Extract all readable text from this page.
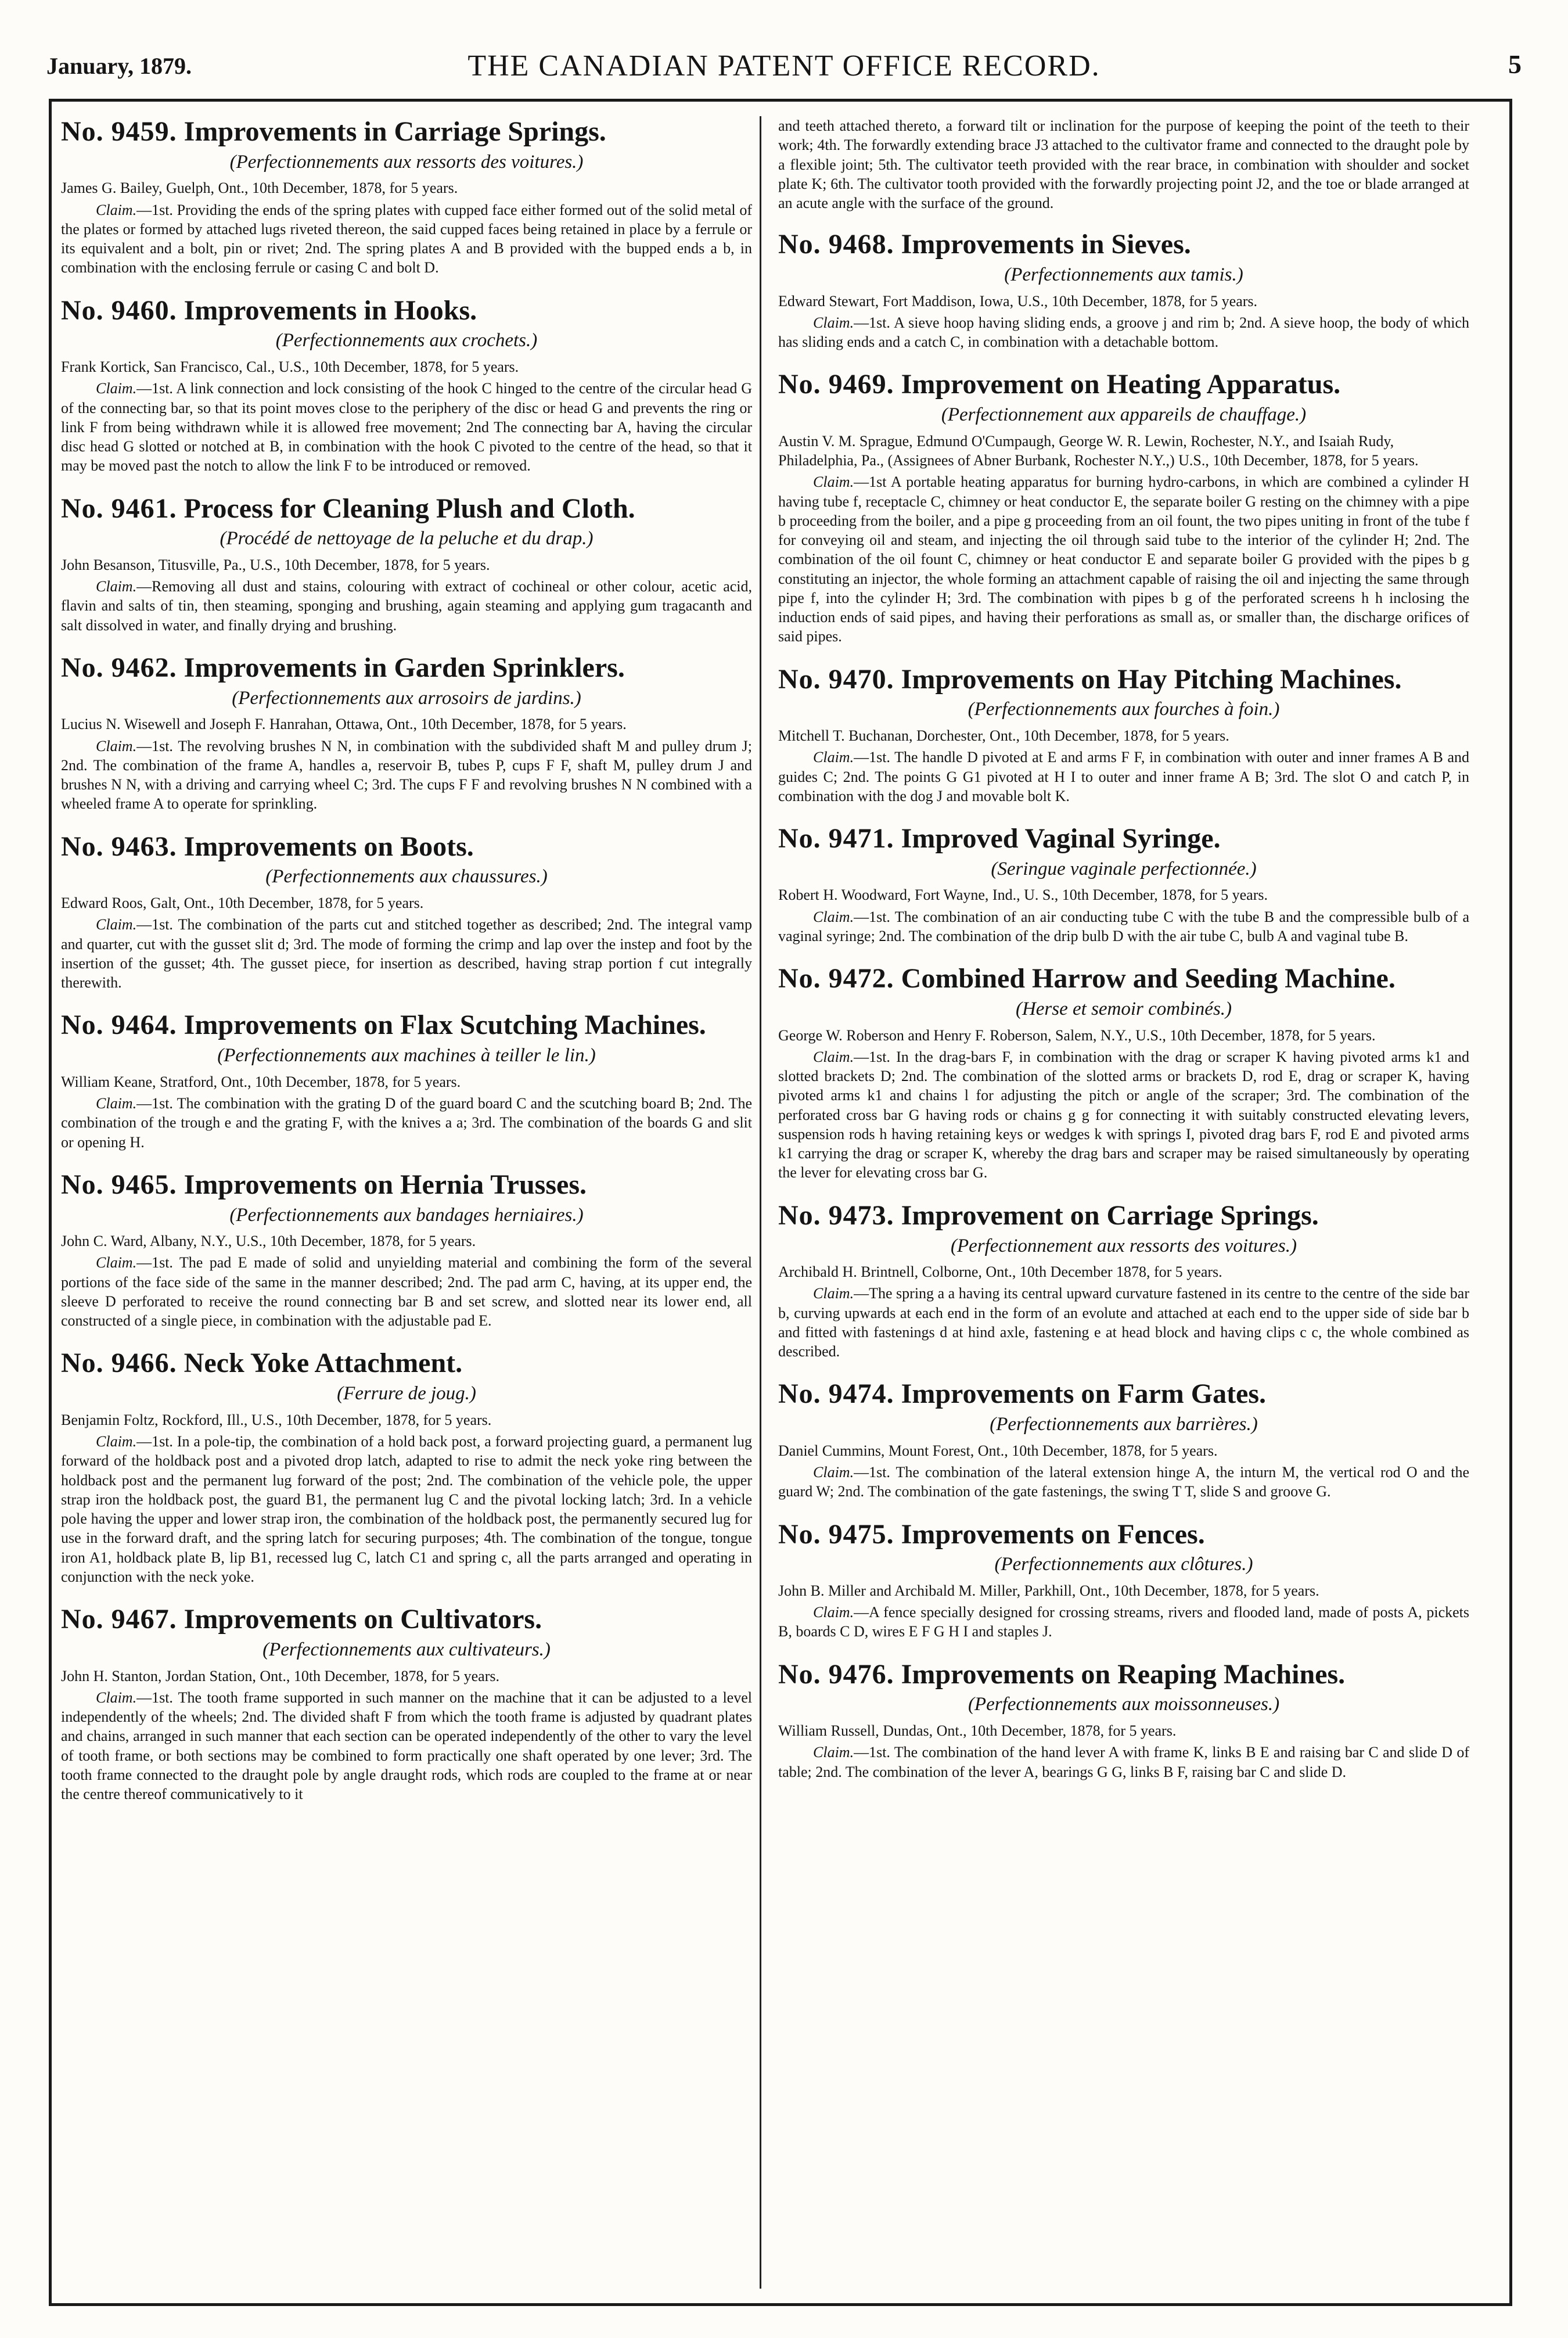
January, 1879.	THE CANADIAN PATENT OFFICE RECORD.	5
No. 9459. Improvements in Carriage Springs.
(Perfectionnements aux ressorts des voitures.)

James G. Bailey, Guelph, Ont., 10th December, 1878, for 5 years.

Claim.—1st. Providing the ends of the spring plates with cupped face either formed out of the solid metal of the plates or formed by attached lugs riveted thereon, the said cupped faces being retained in place by a ferrule or its equivalent and a bolt, pin or rivet; 2nd. The spring plates A and B provided with the bupped ends a b, in combination with the enclosing ferrule or casing C and bolt D.

No. 9460. Improvements in Hooks.
(Perfectionnements aux crochets.)

Frank Kortick, San Francisco, Cal., U.S., 10th December, 1878, for 5 years.

Claim.—1st. A link connection and lock consisting of the hook C hinged to the centre of the circular head G of the connecting bar, so that its point moves close to the periphery of the disc or head G and prevents the ring or link F from being withdrawn while it is allowed free movement; 2nd The connecting bar A, having the circular disc head G slotted or notched at B, in combination with the hook C pivoted to the centre of the head, so that it may be moved past the notch to allow the link F to be introduced or removed.

No. 9461. Process for Cleaning Plush and Cloth.
(Procédé de nettoyage de la peluche et du drap.)

John Besanson, Titusville, Pa., U.S., 10th December, 1878, for 5 years.

Claim.—Removing all dust and stains, colouring with extract of cochineal or other colour, acetic acid, flavin and salts of tin, then steaming, sponging and brushing, again steaming and applying gum tragacanth and salt dissolved in water, and finally drying and brushing.

No. 9462. Improvements in Garden Sprinklers.
(Perfectionnements aux arrosoirs de jardins.)

Lucius N. Wisewell and Joseph F. Hanrahan, Ottawa, Ont., 10th December, 1878, for 5 years.

Claim.—1st. The revolving brushes N N, in combination with the subdivided shaft M and pulley drum J; 2nd. The combination of the frame A, handles a, reservoir B, tubes P, cups F F, shaft M, pulley drum J and brushes N N, with a driving and carrying wheel C; 3rd. The cups F F and revolving brushes N N combined with a wheeled frame A to operate for sprinkling.

No. 9463. Improvements on Boots.
(Perfectionnements aux chaussures.)

Edward Roos, Galt, Ont., 10th December, 1878, for 5 years.

Claim.—1st. The combination of the parts cut and stitched together as described; 2nd. The integral vamp and quarter, cut with the gusset slit d; 3rd. The mode of forming the crimp and lap over the instep and foot by the insertion of the gusset; 4th. The gusset piece, for insertion as described, having strap portion f cut integrally therewith.

No. 9464. Improvements on Flax Scutching Machines.
(Perfectionnements aux machines à teiller le lin.)

William Keane, Stratford, Ont., 10th December, 1878, for 5 years.

Claim.—1st. The combination with the grating D of the guard board C and the scutching board B; 2nd. The combination of the trough e and the grating F, with the knives a a; 3rd. The combination of the boards G and slit or opening H.

No. 9465. Improvements on Hernia Trusses.
(Perfectionnements aux bandages herniaires.)

John C. Ward, Albany, N.Y., U.S., 10th December, 1878, for 5 years.

Claim.—1st. The pad E made of solid and unyielding material and combining the form of the several portions of the face side of the same in the manner described; 2nd. The pad arm C, having, at its upper end, the sleeve D perforated to receive the round connecting bar B and set screw, and slotted near its lower end, all constructed of a single piece, in combination with the adjustable pad E.

No. 9466. Neck Yoke Attachment.
(Ferrure de joug.)

Benjamin Foltz, Rockford, Ill., U.S., 10th December, 1878, for 5 years.

Claim.—1st. In a pole-tip, the combination of a hold back post, a forward projecting guard, a permanent lug forward of the holdback post and a pivoted drop latch, adapted to rise to admit the neck yoke ring between the holdback post and the permanent lug forward of the post; 2nd. The combination of the vehicle pole, the upper strap iron the holdback post, the guard B1, the permanent lug C and the pivotal locking latch; 3rd. In a vehicle pole having the upper and lower strap iron, the combination of the holdback post, the permanently secured lug for use in the forward draft, and the spring latch for securing purposes; 4th. The combination of the tongue, tongue iron A1, holdback plate B, lip B1, recessed lug C, latch C1 and spring c, all the parts arranged and operating in conjunction with the neck yoke.

No. 9467. Improvements on Cultivators.
(Perfectionnements aux cultivateurs.)

John H. Stanton, Jordan Station, Ont., 10th December, 1878, for 5 years.

Claim.—1st. The tooth frame supported in such manner on the machine that it can be adjusted to a level independently of the wheels; 2nd. The divided shaft F from which the tooth frame is adjusted by quadrant plates and chains, arranged in such manner that each section can be operated independently of the other to vary the level of tooth frame, or both sections may be combined to form practically one shaft operated by one lever; 3rd. The tooth frame connected to the draught pole by angle draught rods, which rods are coupled to the frame at or near the centre thereof communicatively to it

and teeth attached thereto, a forward tilt or inclination for the purpose of keeping the point of the teeth to their work; 4th. The forwardly extending brace J3 attached to the cultivator frame and connected to the draught pole by a flexible joint; 5th. The cultivator teeth provided with the rear brace, in combination with shoulder and socket plate K; 6th. The cultivator tooth provided with the forwardly projecting point J2, and the toe or blade arranged at an acute angle with the surface of the ground.

No. 9468. Improvements in Sieves.
(Perfectionnements aux tamis.)

Edward Stewart, Fort Maddison, Iowa, U.S., 10th December, 1878, for 5 years.

Claim.—1st. A sieve hoop having sliding ends, a groove j and rim b; 2nd. A sieve hoop, the body of which has sliding ends and a catch C, in combination with a detachable bottom.

No. 9469. Improvement on Heating Apparatus.
(Perfectionnement aux appareils de chauffage.)

Austin V. M. Sprague, Edmund O'Cumpaugh, George W. R. Lewin, Rochester, N.Y., and Isaiah Rudy, Philadelphia, Pa., (Assignees of Abner Burbank, Rochester N.Y.,) U.S., 10th December, 1878, for 5 years.

Claim.—1st A portable heating apparatus for burning hydro-carbons, in which are combined a cylinder H having tube f, receptacle C, chimney or heat conductor E, the separate boiler G resting on the chimney with a pipe b proceeding from the boiler, and a pipe g proceeding from an oil fount, the two pipes uniting in front of the tube f for conveying oil and steam, and injecting the oil through said tube to the interior of the cylinder H; 2nd. The combination of the oil fount C, chimney or heat conductor E and separate boiler G provided with the pipes b g constituting an injector, the whole forming an attachment capable of raising the oil and injecting the same through pipe f, into the cylinder H; 3rd. The combination with pipes b g of the perforated screens h h inclosing the induction ends of said pipes, and having their perforations as small as, or smaller than, the discharge orifices of said pipes.

No. 9470. Improvements on Hay Pitching Machines.
(Perfectionnements aux fourches à foin.)

Mitchell T. Buchanan, Dorchester, Ont., 10th December, 1878, for 5 years.

Claim.—1st. The handle D pivoted at E and arms F F, in combination with outer and inner frames A B and guides C; 2nd. The points G G1 pivoted at H I to outer and inner frame A B; 3rd. The slot O and catch P, in combination with the dog J and movable bolt K.

No. 9471. Improved Vaginal Syringe.
(Seringue vaginale perfectionnée.)

Robert H. Woodward, Fort Wayne, Ind., U. S., 10th December, 1878, for 5 years.

Claim.—1st. The combination of an air conducting tube C with the tube B and the compressible bulb of a vaginal syringe; 2nd. The combination of the drip bulb D with the air tube C, bulb A and vaginal tube B.

No. 9472. Combined Harrow and Seeding Machine.
(Herse et semoir combinés.)

George W. Roberson and Henry F. Roberson, Salem, N.Y., U.S., 10th December, 1878, for 5 years.

Claim.—1st. In the drag-bars F, in combination with the drag or scraper K having pivoted arms k1 and slotted brackets D; 2nd. The combination of the slotted arms or brackets D, rod E, drag or scraper K, having pivoted arms k1 and chains l for adjusting the pitch or angle of the scraper; 3rd. The combination of the perforated cross bar G having rods or chains g g for connecting it with suitably constructed elevating levers, suspension rods h having retaining keys or wedges k with springs I, pivoted drag bars F, rod E and pivoted arms k1 carrying the drag or scraper K, whereby the drag bars and scraper may be raised simultaneously by operating the lever for elevating cross bar G.

No. 9473. Improvement on Carriage Springs.
(Perfectionnement aux ressorts des voitures.)

Archibald H. Brintnell, Colborne, Ont., 10th December 1878, for 5 years.

Claim.—The spring a a having its central upward curvature fastened in its centre to the centre of the side bar b, curving upwards at each end in the form of an evolute and attached at each end to the upper side of side bar b and fitted with fastenings d at hind axle, fastening e at head block and having clips c c, the whole combined as described.

No. 9474. Improvements on Farm Gates.
(Perfectionnements aux barrières.)

Daniel Cummins, Mount Forest, Ont., 10th December, 1878, for 5 years.

Claim.—1st. The combination of the lateral extension hinge A, the inturn M, the vertical rod O and the guard W; 2nd. The combination of the gate fastenings, the swing T T, slide S and groove G.

No. 9475. Improvements on Fences.
(Perfectionnements aux clôtures.)

John B. Miller and Archibald M. Miller, Parkhill, Ont., 10th December, 1878, for 5 years.

Claim.—A fence specially designed for crossing streams, rivers and flooded land, made of posts A, pickets B, boards C D, wires E F G H I and staples J.

No. 9476. Improvements on Reaping Machines.
(Perfectionnements aux moissonneuses.)

William Russell, Dundas, Ont., 10th December, 1878, for 5 years.

Claim.—1st. The combination of the hand lever A with frame K, links B E and raising bar C and slide D of table; 2nd. The combination of the lever A, bearings G G, links B F, raising bar C and slide D.
